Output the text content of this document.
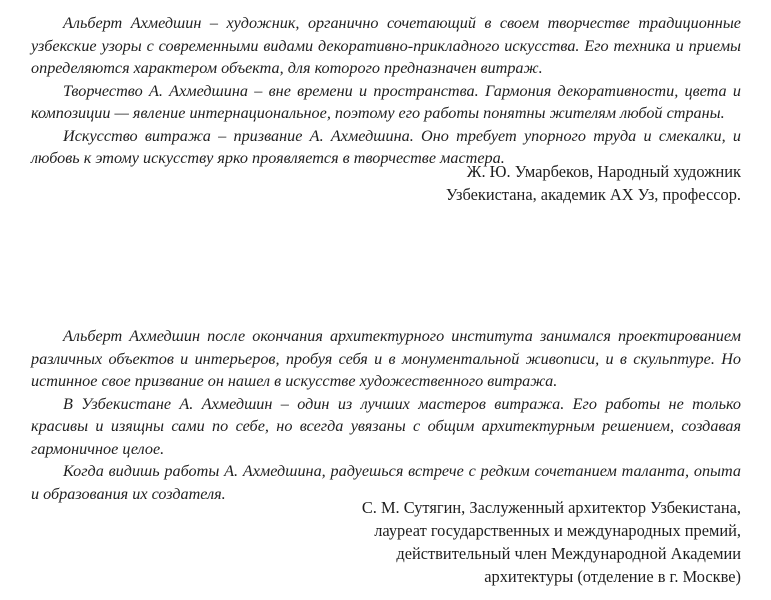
Альберт Ахмедшин – художник, органично сочетающий в своем творчестве традиционные узбекские узоры с современными видами декоративно-прикладного искусства. Его техника и приемы определяются характером объекта, для которого предназначен витраж.

Творчество А. Ахмедшина – вне времени и пространства. Гармония декоративности, цвета и композиции — явление интернациональное, поэтому его работы понятны жителям любой страны.

Искусство витража – призвание А. Ахмедшина. Оно требует упорного труда и смекалки, и любовь к этому искусству ярко проявляется в творчестве мастера.

Ж. Ю. Умарбеков, Народный художник
Узбекистана, академик АХ Уз, профессор.

Альберт Ахмедшин после окончания архитектурного института занимался проектированием различных объектов и интерьеров, пробуя себя и в монументальной живописи, и в скульптуре. Но истинное свое призвание он нашел в искусстве художественного витража.

В Узбекистане А. Ахмедшин – один из лучших мастеров витража. Его работы не только красивы и изящны сами по себе, но всегда увязаны с общим архитектурным решением, создавая гармоничное целое.

Когда видишь работы А. Ахмедшина, радуешься встрече с редким сочетанием таланта, опыта и образования их создателя.

С. М. Сутягин, Заслуженный архитектор Узбекистана,
лауреат государственных и международных премий,
действительный член Международной Академии
архитектуры (отделение в г. Москве)
